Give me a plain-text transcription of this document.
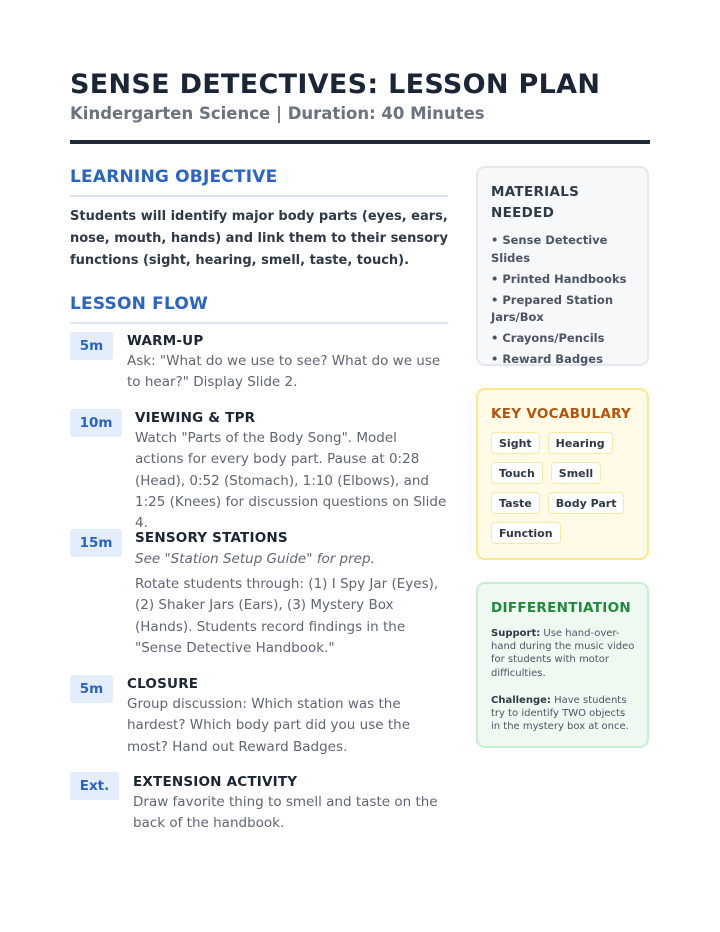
SENSE DETECTIVES: LESSON PLAN
Kindergarten Science | Duration: 40 Minutes
LEARNING OBJECTIVE
Students will identify major body parts (eyes, ears, nose, mouth, hands) and link them to their sensory functions (sight, hearing, smell, taste, touch).
LESSON FLOW
5m	WARM-UP
Ask: "What do we use to see? What do we use to hear?" Display Slide 2.
10m	VIEWING & TPR
Watch "Parts of the Body Song". Model actions for every body part. Pause at 0:28 (Head), 0:52 (Stomach), 1:10 (Elbows), and 1:25 (Knees) for discussion questions on Slide 4.
15m	SENSORY STATIONS
See "Station Setup Guide" for prep.
Rotate students through: (1) I Spy Jar (Eyes), (2) Shaker Jars (Ears), (3) Mystery Box (Hands). Students record findings in the "Sense Detective Handbook."
5m	CLOSURE
Group discussion: Which station was the hardest? Which body part did you use the most? Hand out Reward Badges.
Ext.	EXTENSION ACTIVITY
Draw favorite thing to smell and taste on the back of the handbook.
MATERIALS NEEDED
• Sense Detective Slides
• Printed Handbooks
• Prepared Station Jars/Box
• Crayons/Pencils
• Reward Badges
KEY VOCABULARY
Sight	Hearing
Touch	Smell
Taste	Body Part
Function
DIFFERENTIATION

Support: Use hand-over-hand during the music video for students with motor difficulties.

Challenge: Have students try to identify TWO objects in the mystery box at once.
